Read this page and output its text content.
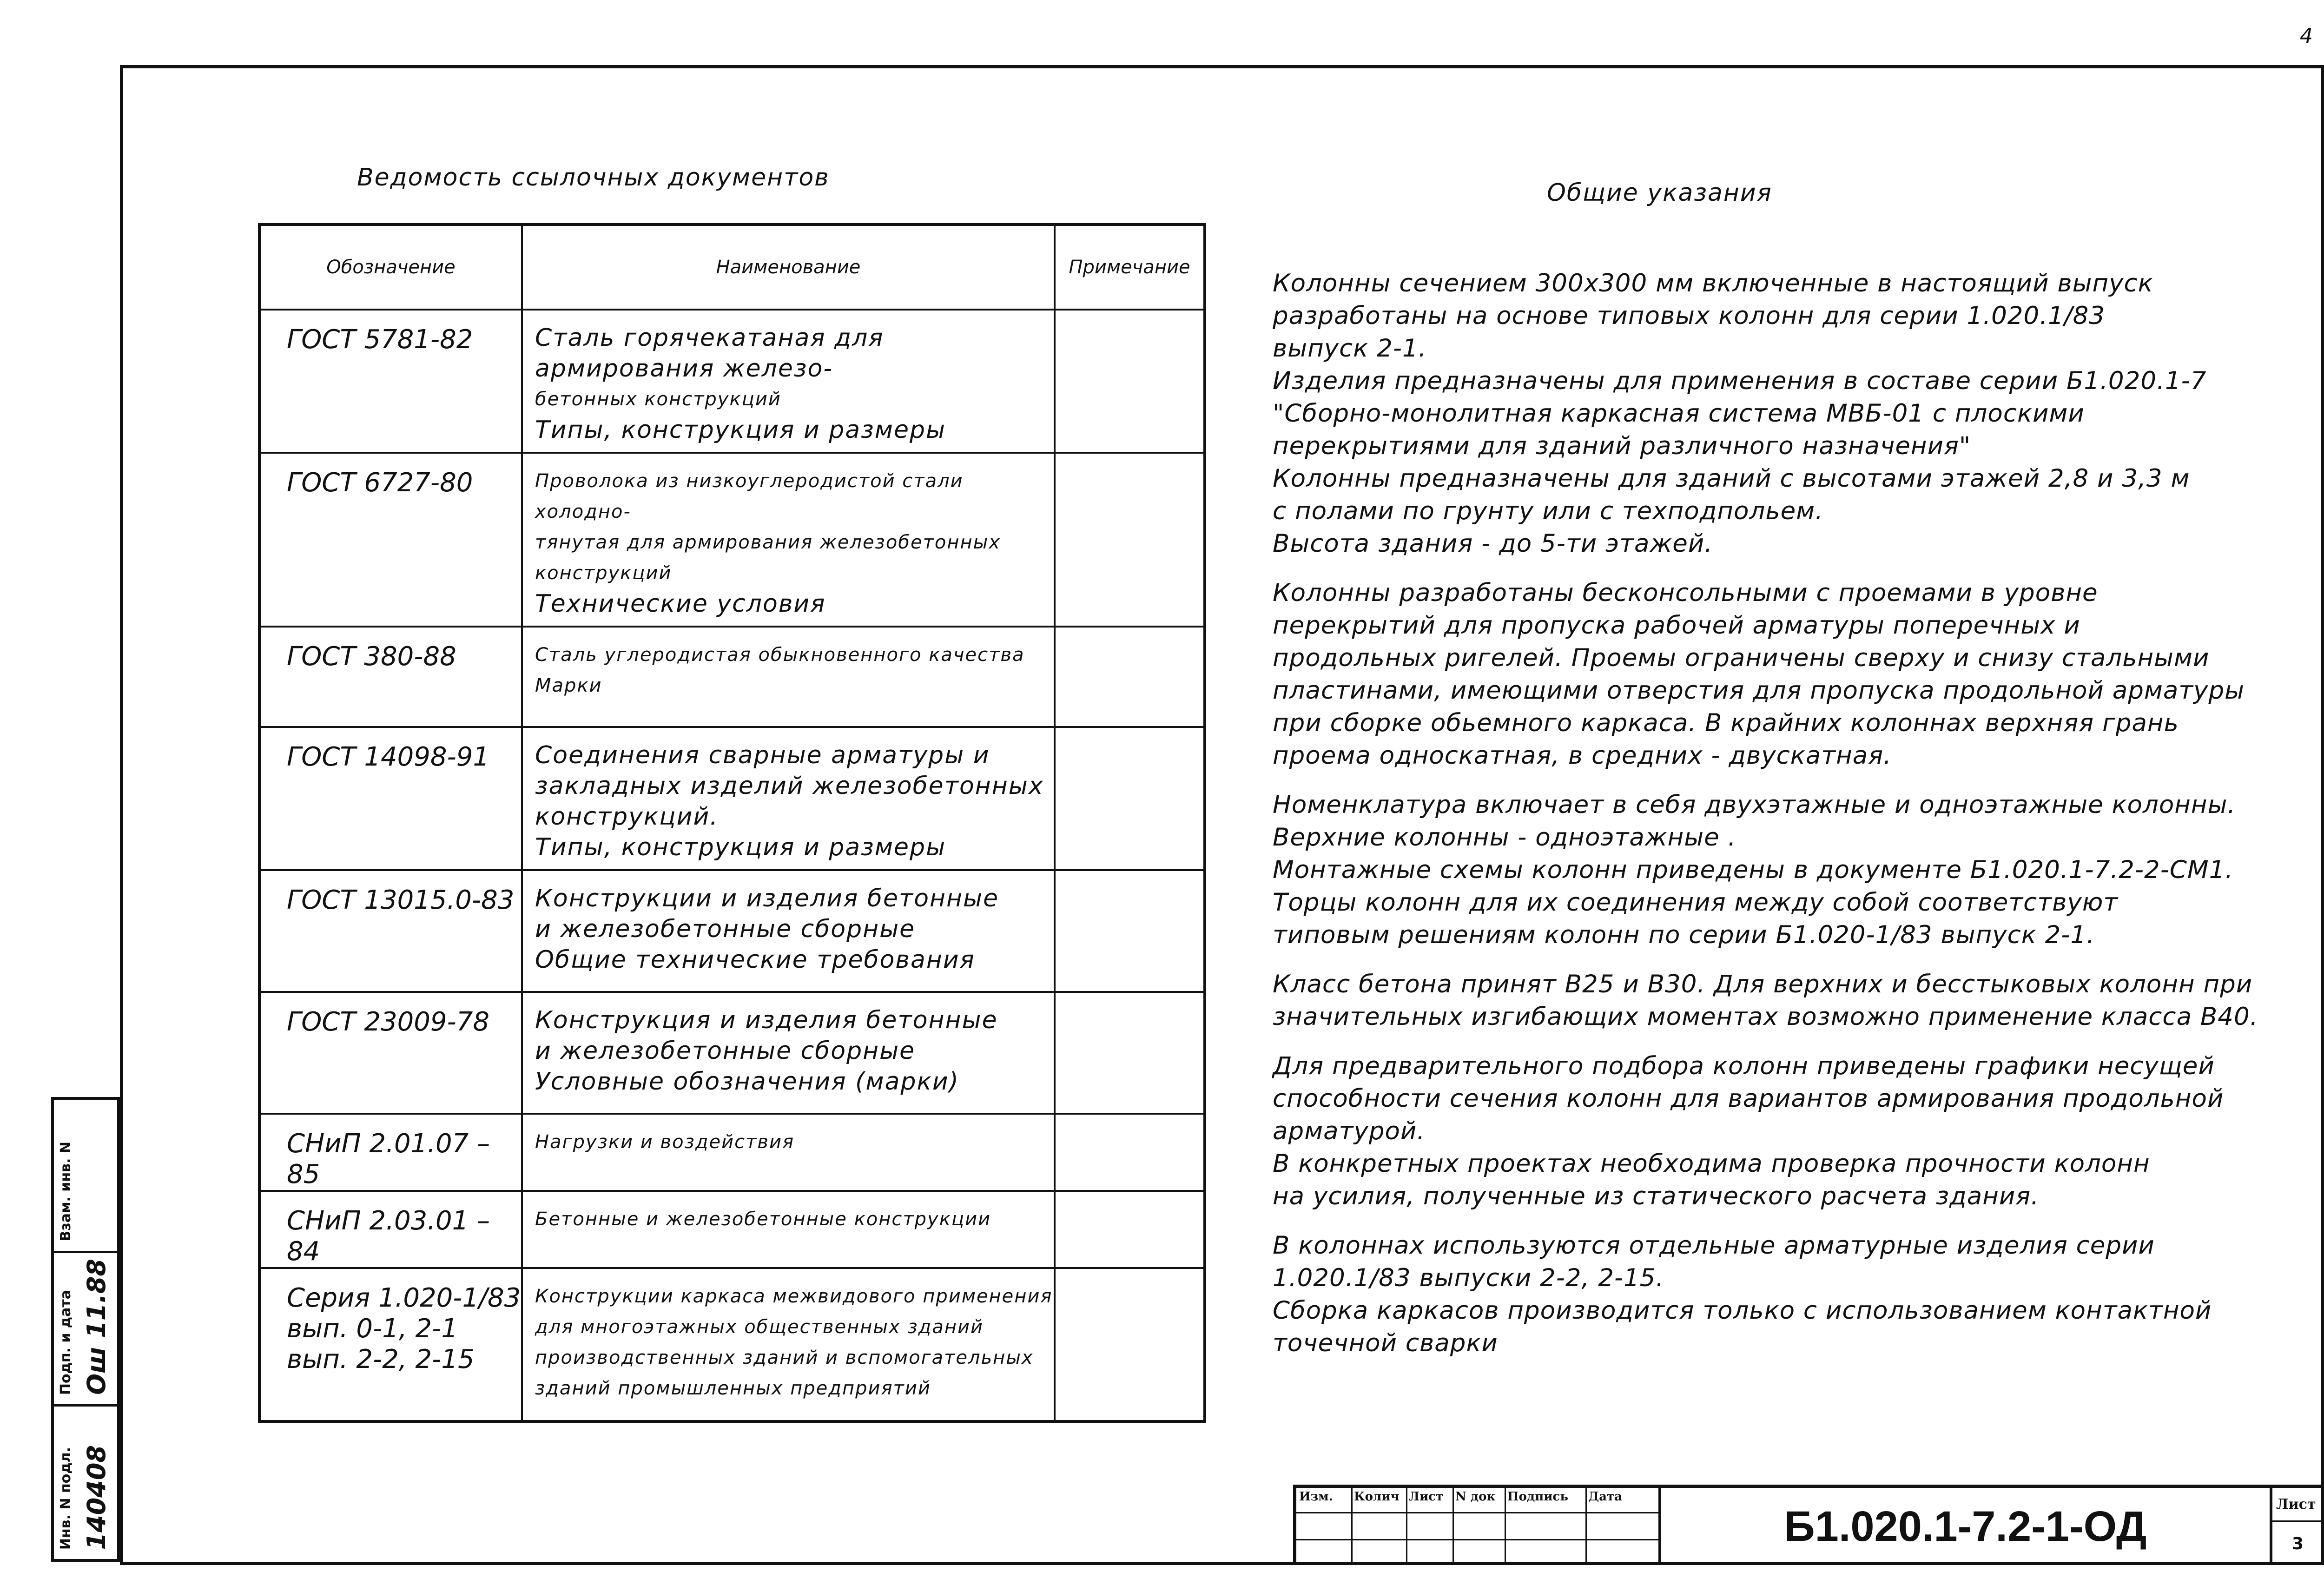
4
Ведомость ссылочных документов
Общие указания
Обозначение	Наименование	Примечание

ГОСТ 5781-82	Сталь горячекатаная для армирования железо-
бетонных конструкций
Типы, конструкция и размеры	

ГОСТ 6727-80	Проволока из низкоуглеродистой стали холодно-
тянутая для армирования железобетонных
конструкций
Технические условия	

ГОСТ 380-88	Сталь углеродистая обыкновенного качества
Марки	

ГОСТ 14098-91	Соединения сварные арматуры и
закладных изделий железобетонных
конструкций.
Типы, конструкция и размеры	

ГОСТ 13015.0-83	Конструкции и изделия бетонные
и железобетонные сборные
Общие технические требования	

ГОСТ 23009-78	Конструкция и изделия бетонные
и железобетонные сборные
Условные обозначения (марки)	

СНиП 2.01.07 – 85	Нагрузки и воздействия	

СНиП 2.03.01 – 84	Бетонные и железобетонные конструкции	

Серия 1.020-1/83
вып. 0-1, 2-1
вып. 2-2, 2-15	Конструкции каркаса межвидового применения
для многоэтажных общественных зданий
производственных зданий и вспомогательных
зданий промышленных предприятий	

Колонны сечением 300x300 мм включенные в настоящий выпуск
разработаны на основе типовых колонн для серии 1.020.1/83
выпуск 2-1.
Изделия предназначены для применения в составе серии Б1.020.1-7
"Сборно-монолитная каркасная система МВБ-01 с плоскими
перекрытиями для зданий различного назначения"
Колонны предназначены для зданий с высотами этажей 2,8 и 3,3 м
с полами по грунту или с техподпольем.
Высота здания - до 5-ти этажей.

Колонны разработаны бесконсольными с проемами в уровне
перекрытий для пропуска рабочей арматуры поперечных и
продольных ригелей. Проемы ограничены сверху и снизу стальными
пластинами, имеющими отверстия для пропуска продольной арматуры
при сборке обьемного каркаса. В крайних колоннах верхняя грань
проема односкатная, в средних - двускатная.

Номенклатура включает в себя двухэтажные и одноэтажные колонны.
Верхние колонны - одноэтажные .
Монтажные схемы колонн приведены в документе Б1.020.1-7.2-2-СМ1.
Торцы колонн для их соединения между собой соответствуют
типовым решениям колонн по серии Б1.020-1/83 выпуск 2-1.

Класс бетона принят В25 и В30. Для верхних и бесстыковых колонн при
значительных изгибающих моментах возможно применение класса В40.

Для предварительного подбора колонн приведены графики несущей
способности сечения колонн для вариантов армирования продольной
арматурой.
В конкретных проектах необходима проверка прочности колонн
на усилия, полученные из статического расчета здания.

В колоннах используются отдельные арматурные изделия серии
1.020.1/83 выпуски 2-2, 2-15.
Сборка каркасов производится только с использованием контактной
точечной сварки

Взам. инв. N
Подп. и дата Ош 11.88
Инв. N подл. 140408	Изм. Колич Лист N док Подпись Дата
Б1.020.1-7.2-1-ОД	Лист
3
